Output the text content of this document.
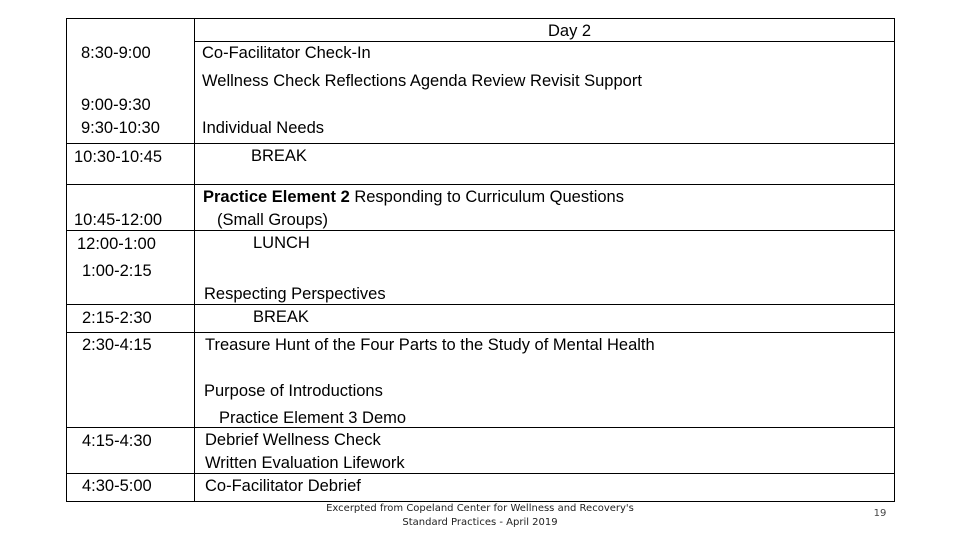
Day 2
8:30-9:00
9:00-9:30
9:30-10:30
10:30-10:45
10:45-12:00
12:00-1:00
1:00-2:15
2:15-2:30
2:30-4:15
4:15-4:30
4:30-5:00
Co-Facilitator Check-In
Wellness Check Reflections Agenda Review Revisit Support
Individual Needs
BREAK
Practice Element 2 Responding to Curriculum Questions
(Small Groups)
LUNCH
Respecting Perspectives
BREAK
Treasure Hunt of the Four Parts to the Study of Mental Health
Purpose of Introductions
Practice Element 3 Demo
Debrief Wellness Check
Written Evaluation Lifework
Co-Facilitator Debrief
Excerpted from Copeland Center for Wellness and Recovery's
Standard Practices - April 2019
19
